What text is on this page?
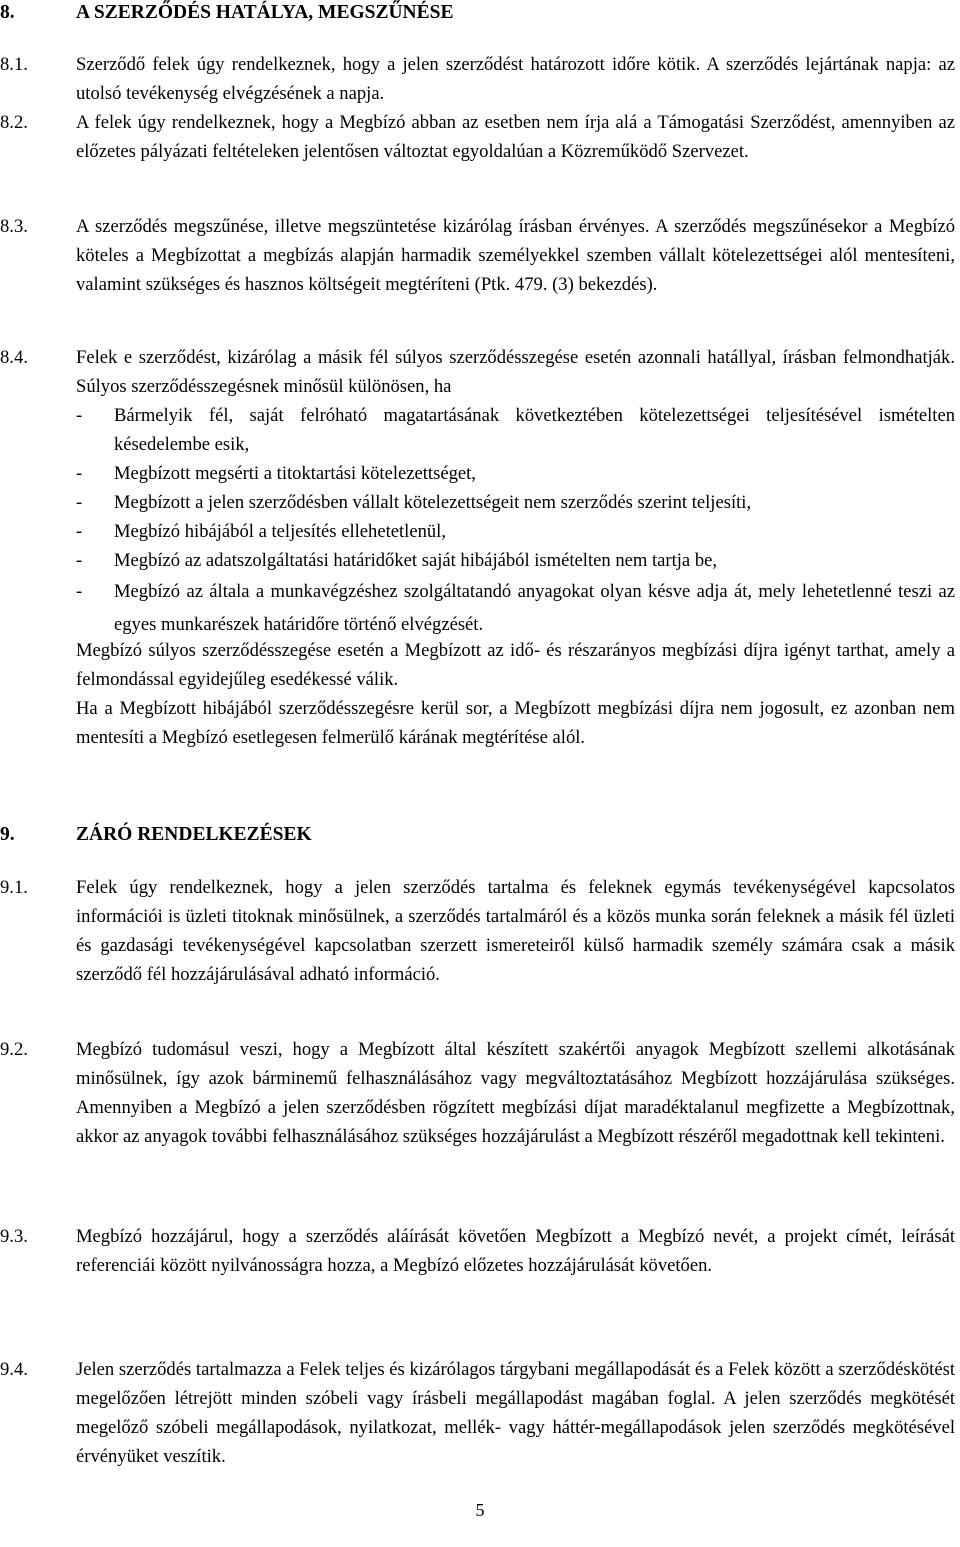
8.	A SZERZŐDÉS HATÁLYA, MEGSZŰNÉSE
8.1.	Szerződő felek úgy rendelkeznek, hogy a jelen szerződést határozott időre kötik. A szerződés lejártának napja: az utolsó tevékenység elvégzésének a napja.

8.2.	A felek úgy rendelkeznek, hogy a Megbízó abban az esetben nem írja alá a Támogatási Szerződést, amennyiben az előzetes pályázati feltételeken jelentősen változtat egyoldalúan a Közreműködő Szervezet.

8.3.	A szerződés megszűnése, illetve megszüntetése kizárólag írásban érvényes. A szerződés megszűnésekor a Megbízó köteles a Megbízottat a megbízás alapján harmadik személyekkel szemben vállalt kötelezettségei alól mentesíteni, valamint szükséges és hasznos költségeit megtéríteni (Ptk. 479. (3) bekezdés).

8.4.	Felek e szerződést, kizárólag a másik fél súlyos szerződésszegése esetén azonnali hatállyal, írásban felmondhatják. Súlyos szerződésszegésnek minősül különösen, ha

- Bármelyik fél, saját felróható magatartásának következtében kötelezettségei teljesítésével ismételten késedelembe esik,
- Megbízott megsérti a titoktartási kötelezettséget,
- Megbízott a jelen szerződésben vállalt kötelezettségeit nem szerződés szerint teljesíti,
- Megbízó hibájából a teljesítés ellehetetlenül,
- Megbízó az adatszolgáltatási határidőket saját hibájából ismételten nem tartja be,
- Megbízó az általa a munkavégzéshez szolgáltatandó anyagokat olyan késve adja át, mely lehetetlenné teszi az egyes munkarészek határidőre történő elvégzését.

Megbízó súlyos szerződésszegése esetén a Megbízott az idő- és részarányos megbízási díjra igényt tarthat, amely a felmondással egyidejűleg esedékessé válik.

Ha a Megbízott hibájából szerződésszegésre kerül sor, a Megbízott megbízási díjra nem jogosult, ez azonban nem mentesíti a Megbízó esetlegesen felmerülő kárának megtérítése alól.

9.	ZÁRÓ RENDELKEZÉSEK
9.1.	Felek úgy rendelkeznek, hogy a jelen szerződés tartalma és feleknek egymás tevékenységével kapcsolatos információi is üzleti titoknak minősülnek, a szerződés tartalmáról és a közös munka során feleknek a másik fél üzleti és gazdasági tevékenységével kapcsolatban szerzett ismereteiről külső harmadik személy számára csak a másik szerződő fél hozzájárulásával adható információ.

9.2.	Megbízó tudomásul veszi, hogy a Megbízott által készített szakértői anyagok Megbízott szellemi alkotásának minősülnek, így azok bárminemű felhasználásához vagy megváltoztatásához Megbízott hozzájárulása szükséges. Amennyiben a Megbízó a jelen szerződésben rögzített megbízási díjat maradéktalanul megfizette a Megbízottnak, akkor az anyagok további felhasználásához szükséges hozzájárulást a Megbízott részéről megadottnak kell tekinteni.

9.3.	Megbízó hozzájárul, hogy a szerződés aláírását követően Megbízott a Megbízó nevét, a projekt címét, leírását referenciái között nyilvánosságra hozza, a Megbízó előzetes hozzájárulását követően.

9.4.	Jelen szerződés tartalmazza a Felek teljes és kizárólagos tárgybani megállapodását és a Felek között a szerződéskötést megelőzően létrejött minden szóbeli vagy írásbeli megállapodást magában foglal. A jelen szerződés megkötését megelőző szóbeli megállapodások, nyilatkozat, mellék- vagy háttér-megállapodások jelen szerződés megkötésével érvényüket veszítik.

5
